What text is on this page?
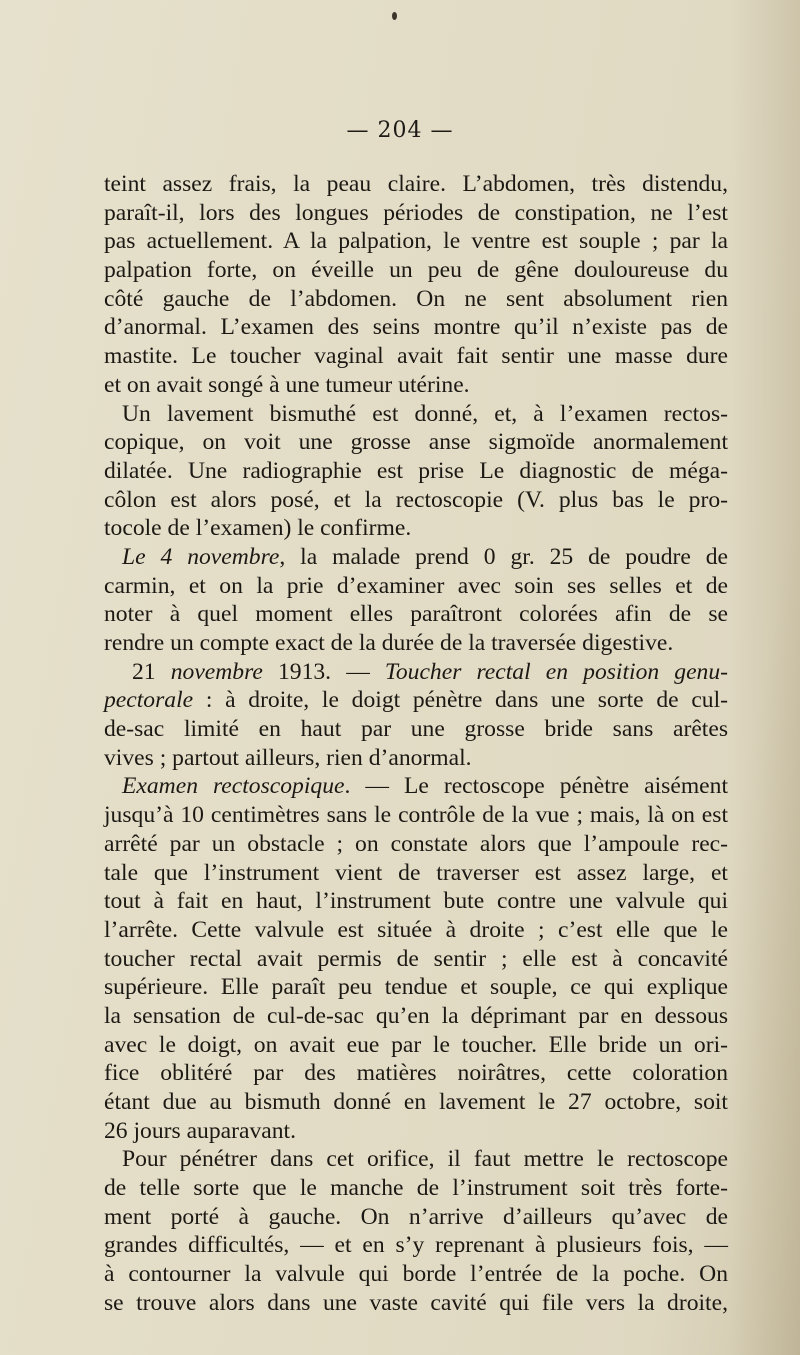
— 204 —
teint assez frais, la peau claire. L’abdomen, très distendu,
paraît-il, lors des longues périodes de constipation, ne l’est
pas actuellement. A la palpation, le ventre est souple ; par la
palpation forte, on éveille un peu de gêne douloureuse du
côté gauche de l’abdomen. On ne sent absolument rien
d’anormal. L’examen des seins montre qu’il n’existe pas de
mastite. Le toucher vaginal avait fait sentir une masse dure
et on avait songé à une tumeur utérine.
Un lavement bismuthé est donné, et, à l’examen rectos-
copique, on voit une grosse anse sigmoïde anormalement
dilatée. Une radiographie est prise Le diagnostic de méga-
côlon est alors posé, et la rectoscopie (V. plus bas le pro-
tocole de l’examen) le confirme.
Le 4 novembre, la malade prend 0 gr. 25 de poudre de
carmin, et on la prie d’examiner avec soin ses selles et de
noter à quel moment elles paraîtront colorées afin de se
rendre un compte exact de la durée de la traversée digestive.
21 novembre 1913. — Toucher rectal en position genu-
pectorale : à droite, le doigt pénètre dans une sorte de cul-
de-sac limité en haut par une grosse bride sans arêtes
vives ; partout ailleurs, rien d’anormal.
Examen rectoscopique. — Le rectoscope pénètre aisément
jusqu’à 10 centimètres sans le contrôle de la vue ; mais, là on est
arrêté par un obstacle ; on constate alors que l’ampoule rec-
tale que l’instrument vient de traverser est assez large, et
tout à fait en haut, l’instrument bute contre une valvule qui
l’arrête. Cette valvule est située à droite ; c’est elle que le
toucher rectal avait permis de sentir ; elle est à concavité
supérieure. Elle paraît peu tendue et souple, ce qui explique
la sensation de cul-de-sac qu’en la déprimant par en dessous
avec le doigt, on avait eue par le toucher. Elle bride un ori-
fice oblitéré par des matières noirâtres, cette coloration
étant due au bismuth donné en lavement le 27 octobre, soit
26 jours auparavant.
Pour pénétrer dans cet orifice, il faut mettre le rectoscope
de telle sorte que le manche de l’instrument soit très forte-
ment porté à gauche. On n’arrive d’ailleurs qu’avec de
grandes difficultés, — et en s’y reprenant à plusieurs fois, —
à contourner la valvule qui borde l’entrée de la poche. On
se trouve alors dans une vaste cavité qui file vers la droite,
